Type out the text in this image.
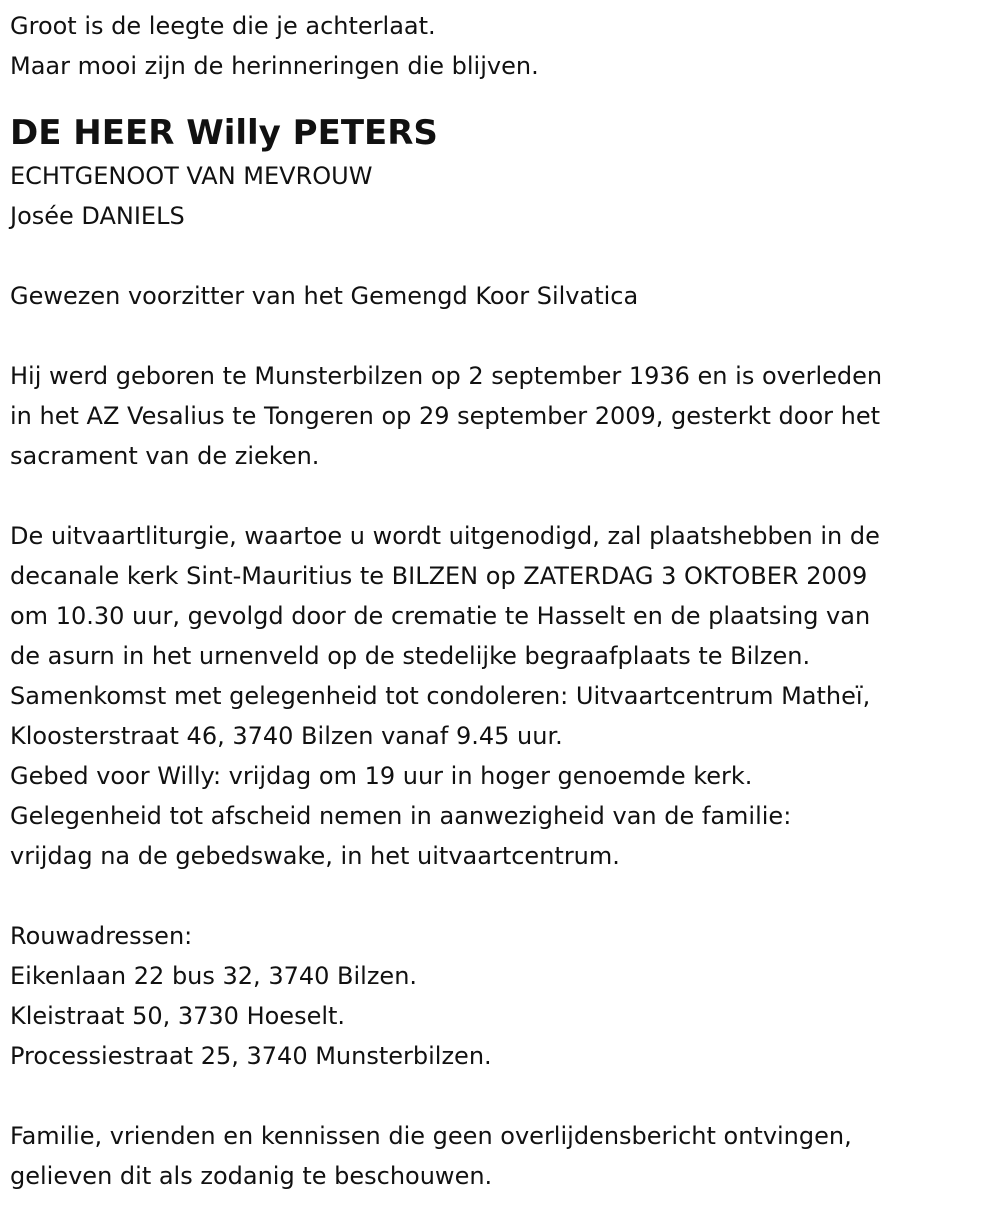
Groot is de leegte die je achterlaat.
Maar mooi zijn de herinneringen die blijven.
DE HEER Willy PETERS
ECHTGENOOT VAN MEVROUW
Josée DANIELS
Gewezen voorzitter van het Gemengd Koor Silvatica
Hij werd geboren te Munsterbilzen op 2 september 1936 en is overleden
in het AZ Vesalius te Tongeren op 29 september 2009, gesterkt door het
sacrament van de zieken.
De uitvaartliturgie, waartoe u wordt uitgenodigd, zal plaatshebben in de
decanale kerk Sint-Mauritius te BILZEN op ZATERDAG 3 OKTOBER 2009
om 10.30 uur, gevolgd door de crematie te Hasselt en de plaatsing van
de asurn in het urnenveld op de stedelijke begraafplaats te Bilzen.
Samenkomst met gelegenheid tot condoleren: Uitvaartcentrum Matheï,
Kloosterstraat 46, 3740 Bilzen vanaf 9.45 uur.
Gebed voor Willy: vrijdag om 19 uur in hoger genoemde kerk.
Gelegenheid tot afscheid nemen in aanwezigheid van de familie:
vrijdag na de gebedswake, in het uitvaartcentrum.
Rouwadressen:
Eikenlaan 22 bus 32, 3740 Bilzen.
Kleistraat 50, 3730 Hoeselt.
Processiestraat 25, 3740 Munsterbilzen.
Familie, vrienden en kennissen die geen overlijdensbericht ontvingen,
gelieven dit als zodanig te beschouwen.
